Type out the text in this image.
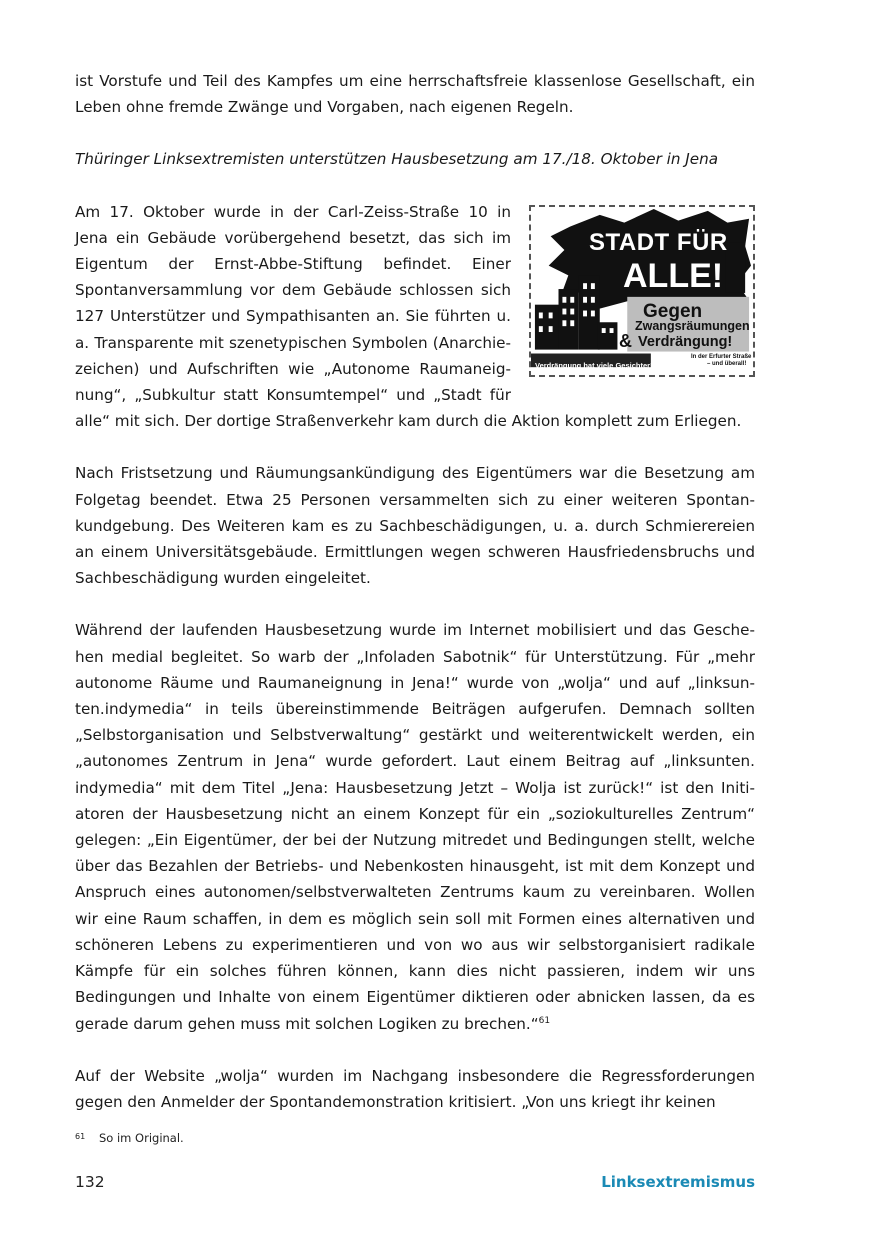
ist Vorstufe und Teil des Kampfes um eine herrschaftsfreie klassenlose Gesellschaft, ein Leben ohne fremde Zwänge und Vorgaben, nach eigenen Regeln.

Thüringer Linksextremisten unterstützen Hausbesetzung am 17./18. Oktober in Jena

STADT FÜR
ALLE!
Gegen
Zwangsräumungen
& Verdrängung!
In der Erfurter Straße
– und überall!
Verdrängung hat viele Gesichter!

Am 17. Oktober wurde in der Carl-Zeiss-Straße 10 in Jena ein Gebäude vorübergehend besetzt, das sich im Eigentum der Ernst-Abbe-Stiftung befindet. Einer Spontanversammlung vor dem Gebäude schlossen sich 127 Unterstützer und Sympathisanten an. Sie führten u. a. Transparente mit szenetypischen Symbolen (Anarchiezeichen) und Aufschriften wie „Autonome Raumaneignung“, „Subkultur statt Konsumtempel“ und „Stadt für alle“ mit sich. Der dortige Straßenverkehr kam durch die Aktion komplett zum Erliegen.

Nach Fristsetzung und Räumungsankündigung des Eigentümers war die Besetzung am Folgetag beendet. Etwa 25 Personen versammelten sich zu einer weiteren Spontankundgebung. Des Weiteren kam es zu Sachbeschädigungen, u. a. durch Schmierereien an einem Universitätsgebäude. Ermittlungen wegen schweren Hausfriedensbruchs und Sachbeschädigung wurden eingeleitet.

Während der laufenden Hausbesetzung wurde im Internet mobilisiert und das Geschehen medial begleitet. So warb der „Infoladen Sabotnik“ für Unterstützung. Für „mehr autonome Räume und Raumaneignung in Jena!“ wurde von „wolja“ und auf „linksunten.indymedia“ in teils übereinstimmende Beiträgen aufgerufen. Demnach sollten „Selbstorganisation und Selbstverwaltung“ gestärkt und weiterentwickelt werden, ein „autonomes Zentrum in Jena“ wurde gefordert. Laut einem Beitrag auf „linksunten. indymedia“ mit dem Titel „Jena: Hausbesetzung Jetzt – Wolja ist zurück!“ ist den Initiatoren der Hausbesetzung nicht an einem Konzept für ein „soziokulturelles Zentrum“ gelegen: „Ein Eigentümer, der bei der Nutzung mitredet und Bedingungen stellt, welche über das Bezahlen der Betriebs- und Nebenkosten hinausgeht, ist mit dem Konzept und Anspruch eines autonomen/selbstverwalteten Zentrums kaum zu vereinbaren. Wollen wir eine Raum schaffen, in dem es möglich sein soll mit Formen eines alternativen und schöneren Lebens zu experimentieren und von wo aus wir selbstorganisiert radikale Kämpfe für ein solches führen können, kann dies nicht passieren, indem wir uns Bedingungen und Inhalte von einem Eigentümer diktieren oder abnicken lassen, da es gerade darum gehen muss mit solchen Logiken zu brechen.“$^{61}$

Auf der Website „wolja“ wurden im Nachgang insbesondere die Regressforderungen gegen den Anmelder der Spontandemonstration kritisiert. „Von uns kriegt ihr keinen

61 So im Original.
132	Linksextremismus
